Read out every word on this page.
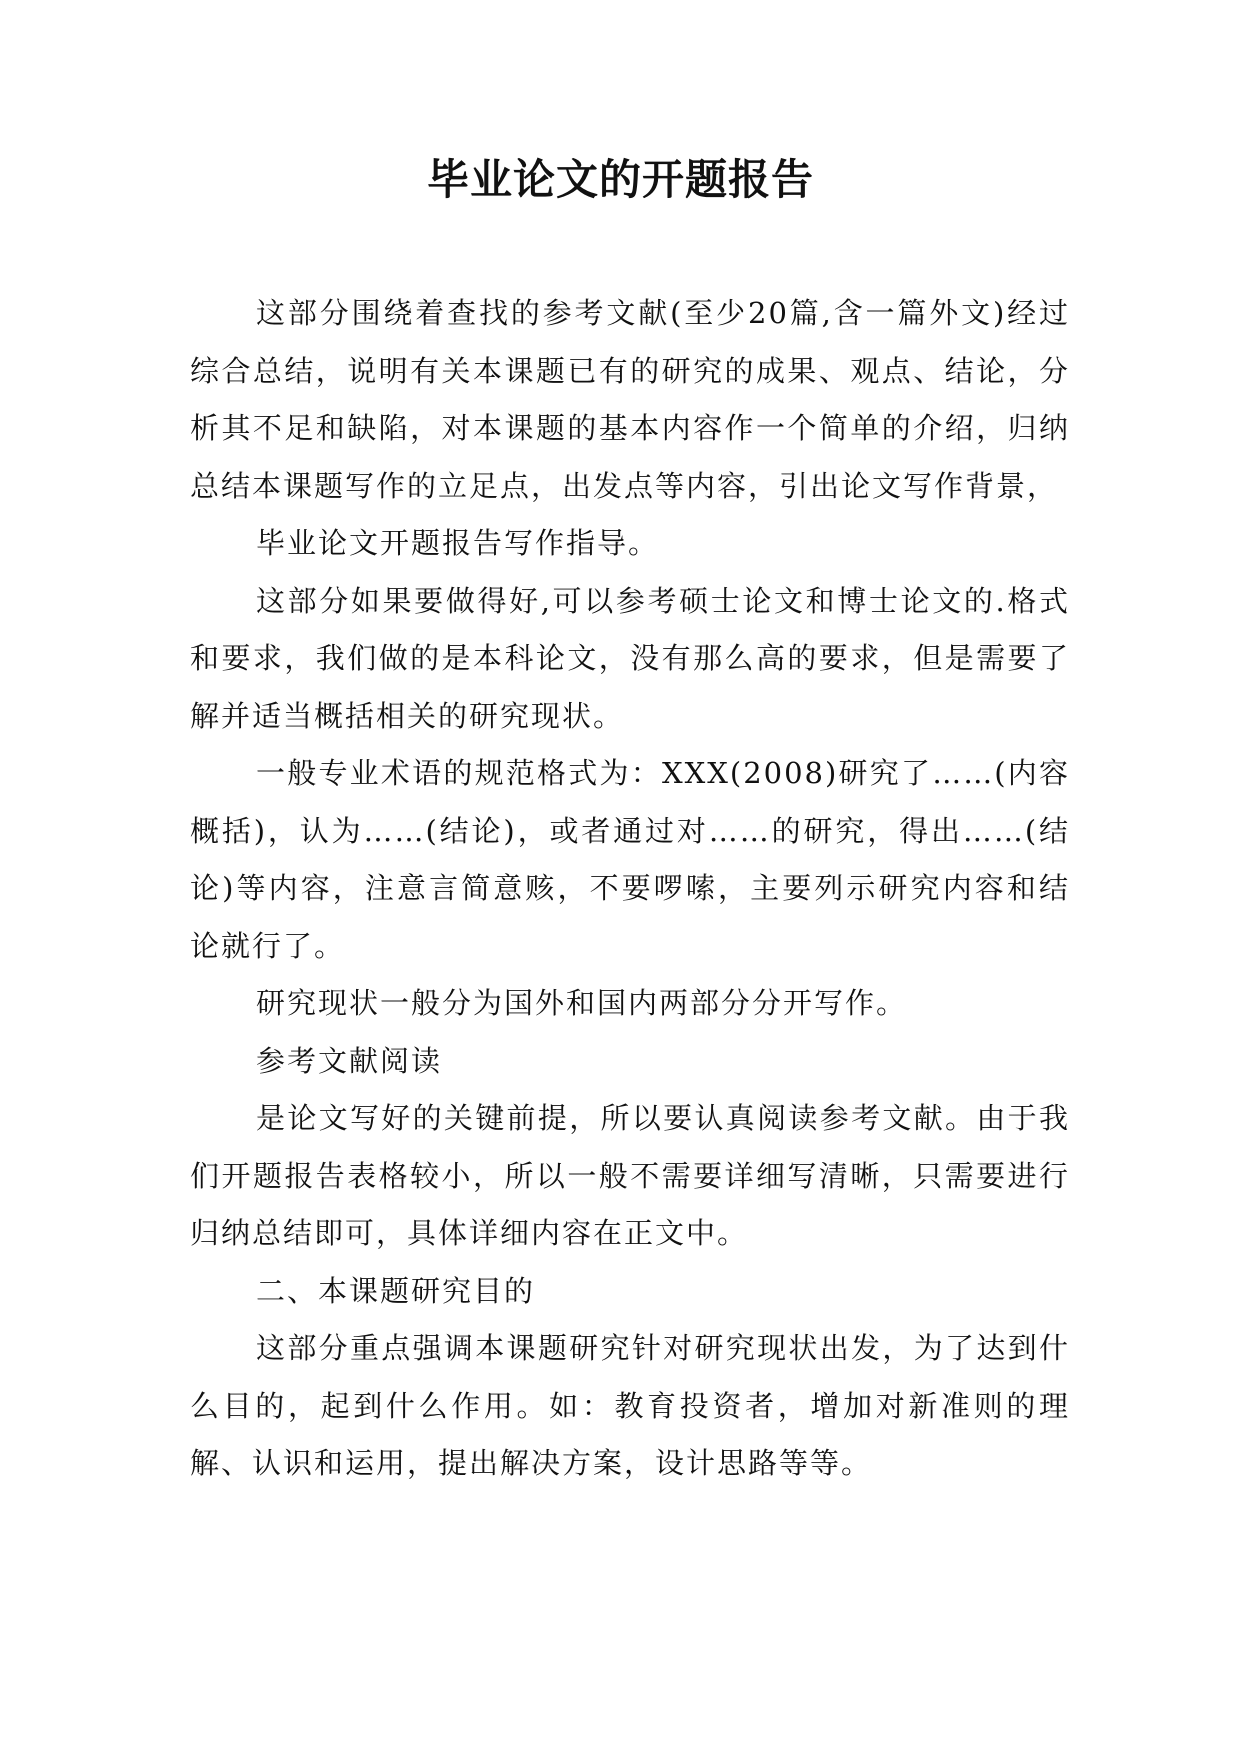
毕业论文的开题报告

这部分围绕着查找的参考文献(至少20篇,含一篇外文)经过综合总结，说明有关本课题已有的研究的成果、观点、结论，分析其不足和缺陷，对本课题的基本内容作一个简单的介绍，归纳总结本课题写作的立足点，出发点等内容，引出论文写作背景，

毕业论文开题报告写作指导。

这部分如果要做得好,可以参考硕士论文和博士论文的.格式和要求，我们做的是本科论文，没有那么高的要求，但是需要了解并适当概括相关的研究现状。

一般专业术语的规范格式为：XXX(2008)研究了……(内容概括)，认为……(结论)，或者通过对……的研究，得出……(结论)等内容，注意言简意赅，不要啰嗦，主要列示研究内容和结论就行了。

研究现状一般分为国外和国内两部分分开写作。

参考文献阅读

是论文写好的关键前提，所以要认真阅读参考文献。由于我们开题报告表格较小，所以一般不需要详细写清晰，只需要进行归纳总结即可，具体详细内容在正文中。

二、本课题研究目的

这部分重点强调本课题研究针对研究现状出发，为了达到什么目的，起到什么作用。如：教育投资者，增加对新准则的理解、认识和运用，提出解决方案，设计思路等等。
